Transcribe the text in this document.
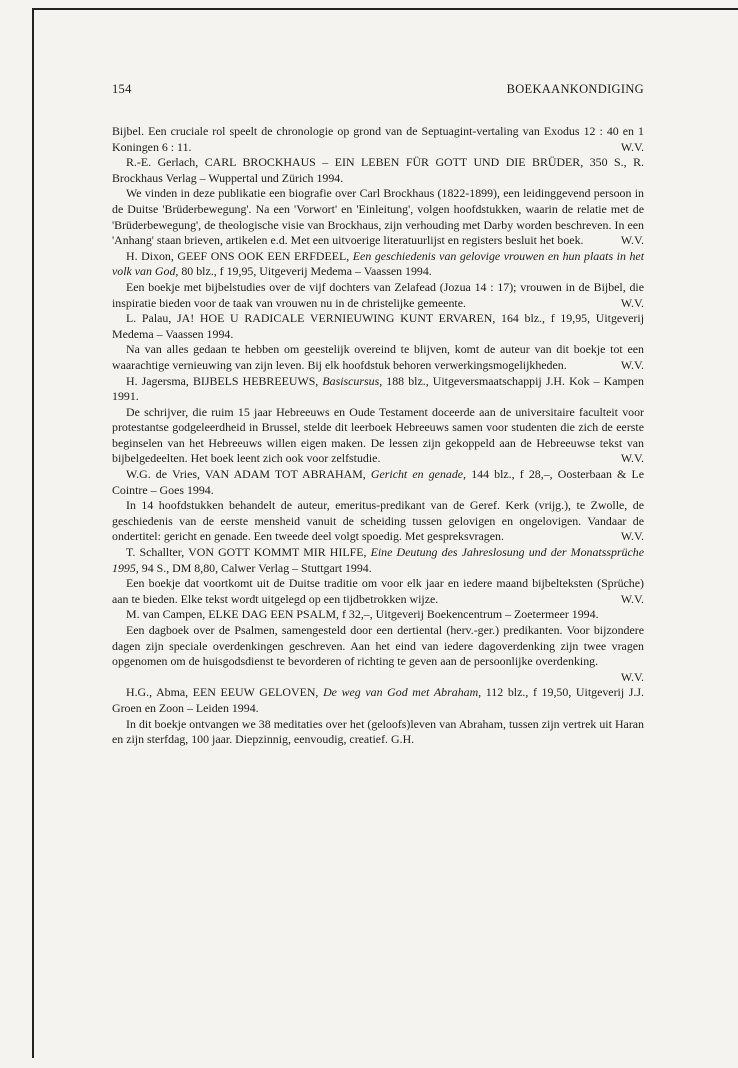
154	BOEKAANKONDIGING

Bijbel. Een cruciale rol speelt de chronologie op grond van de Septuagint-vertaling van Exodus 12 : 40 en 1 Koningen 6 : 11.	W.V.

R.-E. Gerlach, CARL BROCKHAUS – EIN LEBEN FÜR GOTT UND DIE BRÜDER, 350 S., R. Brockhaus Verlag – Wuppertal und Zürich 1994.

We vinden in deze publikatie een biografie over Carl Brockhaus (1822-1899), een leidinggevend persoon in de Duitse 'Brüderbewegung'. Na een 'Vorwort' en 'Einleitung', volgen hoofdstukken, waarin de relatie met de 'Brüderbewegung', de theologische visie van Brockhaus, zijn verhouding met Darby worden beschreven. In een 'Anhang' staan brieven, artikelen e.d. Met een uitvoerige literatuurlijst en registers besluit het boek.	W.V.

H. Dixon, GEEF ONS OOK EEN ERFDEEL, Een geschiedenis van gelovige vrouwen en hun plaats in het volk van God, 80 blz., f 19,95, Uitgeverij Medema – Vaassen 1994.

Een boekje met bijbelstudies over de vijf dochters van Zelafead (Jozua 14 : 17); vrouwen in de Bijbel, die inspiratie bieden voor de taak van vrouwen nu in de christelijke gemeente.	W.V.

L. Palau, JA! HOE U RADICALE VERNIEUWING KUNT ERVAREN, 164 blz., f 19,95, Uitgeverij Medema – Vaassen 1994.

Na van alles gedaan te hebben om geestelijk overeind te blijven, komt de auteur van dit boekje tot een waarachtige vernieuwing van zijn leven. Bij elk hoofdstuk behoren verwerkingsmogelijkheden.	W.V.

H. Jagersma, BIJBELS HEBREEUWS, Basiscursus, 188 blz., Uitgeversmaatschappij J.H. Kok – Kampen 1991.

De schrijver, die ruim 15 jaar Hebreeuws en Oude Testament doceerde aan de universitaire faculteit voor protestantse godgeleerdheid in Brussel, stelde dit leerboek Hebreeuws samen voor studenten die zich de eerste beginselen van het Hebreeuws willen eigen maken. De lessen zijn gekoppeld aan de Hebreeuwse tekst van bijbelgedeelten. Het boek leent zich ook voor zelfstudie.	W.V.

W.G. de Vries, VAN ADAM TOT ABRAHAM, Gericht en genade, 144 blz., f 28,–, Oosterbaan & Le Cointre – Goes 1994.

In 14 hoofdstukken behandelt de auteur, emeritus-predikant van de Geref. Kerk (vrijg.), te Zwolle, de geschiedenis van de eerste mensheid vanuit de scheiding tussen gelovigen en ongelovigen. Vandaar de ondertitel: gericht en genade. Een tweede deel volgt spoedig. Met gespreksvragen.	W.V.

T. Schallter, VON GOTT KOMMT MIR HILFE, Eine Deutung des Jahreslosung und der Monatssprüche 1995, 94 S., DM 8,80, Calwer Verlag – Stuttgart 1994.

Een boekje dat voortkomt uit de Duitse traditie om voor elk jaar en iedere maand bijbelteksten (Sprüche) aan te bieden. Elke tekst wordt uitgelegd op een tijdbetrokken wijze.	W.V.

M. van Campen, ELKE DAG EEN PSALM, f 32,–, Uitgeverij Boekencentrum – Zoetermeer 1994.

Een dagboek over de Psalmen, samengesteld door een dertiental (herv.-ger.) predikanten. Voor bijzondere dagen zijn speciale overdenkingen geschreven. Aan het eind van iedere dagoverdenking zijn twee vragen opgenomen om de huisgodsdienst te bevorderen of richting te geven aan de persoonlijke overdenking.
W.V.

H.G., Abma, EEN EEUW GELOVEN, De weg van God met Abraham, 112 blz., f 19,50, Uitgeverij J.J. Groen en Zoon – Leiden 1994.

In dit boekje ontvangen we 38 meditaties over het (geloofs)leven van Abraham, tussen zijn vertrek uit Haran en zijn sterfdag, 100 jaar. Diepzinnig, eenvoudig, creatief. G.H.
